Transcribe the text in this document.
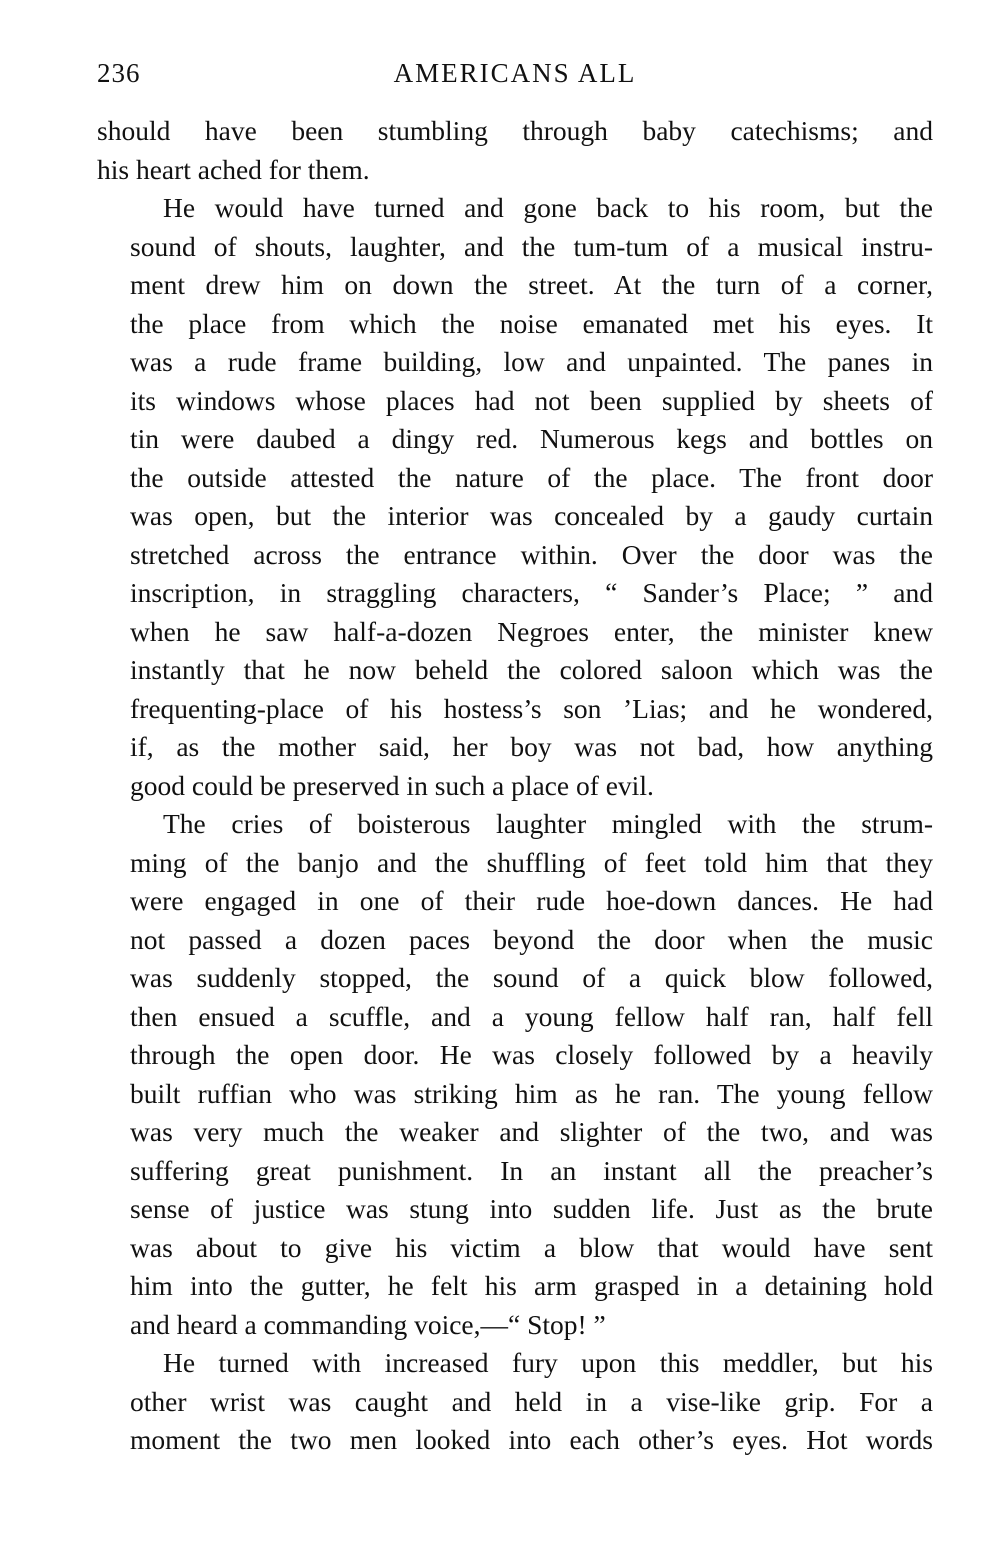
236	AMERICANS ALL
should have been stumbling through baby catechisms; and
his heart ached for them.
He would have turned and gone back to his room, but the
sound of shouts, laughter, and the tum-tum of a musical instru-
ment drew him on down the street. At the turn of a corner,
the place from which the noise emanated met his eyes. It
was a rude frame building, low and unpainted. The panes in
its windows whose places had not been supplied by sheets of
tin were daubed a dingy red. Numerous kegs and bottles on
the outside attested the nature of the place. The front door
was open, but the interior was concealed by a gaudy curtain
stretched across the entrance within. Over the door was the
inscription, in straggling characters, “ Sander’s Place; ” and
when he saw half-a-dozen Negroes enter, the minister knew
instantly that he now beheld the colored saloon which was the
frequenting-place of his hostess’s son ’Lias; and he wondered,
if, as the mother said, her boy was not bad, how anything
good could be preserved in such a place of evil.
The cries of boisterous laughter mingled with the strum-
ming of the banjo and the shuffling of feet told him that they
were engaged in one of their rude hoe-down dances. He had
not passed a dozen paces beyond the door when the music
was suddenly stopped, the sound of a quick blow followed,
then ensued a scuffle, and a young fellow half ran, half fell
through the open door. He was closely followed by a heavily
built ruffian who was striking him as he ran. The young fellow
was very much the weaker and slighter of the two, and was
suffering great punishment. In an instant all the preacher’s
sense of justice was stung into sudden life. Just as the brute
was about to give his victim a blow that would have sent
him into the gutter, he felt his arm grasped in a detaining hold
and heard a commanding voice,—“ Stop! ”
He turned with increased fury upon this meddler, but his
other wrist was caught and held in a vise-like grip. For a
moment the two men looked into each other’s eyes. Hot words
